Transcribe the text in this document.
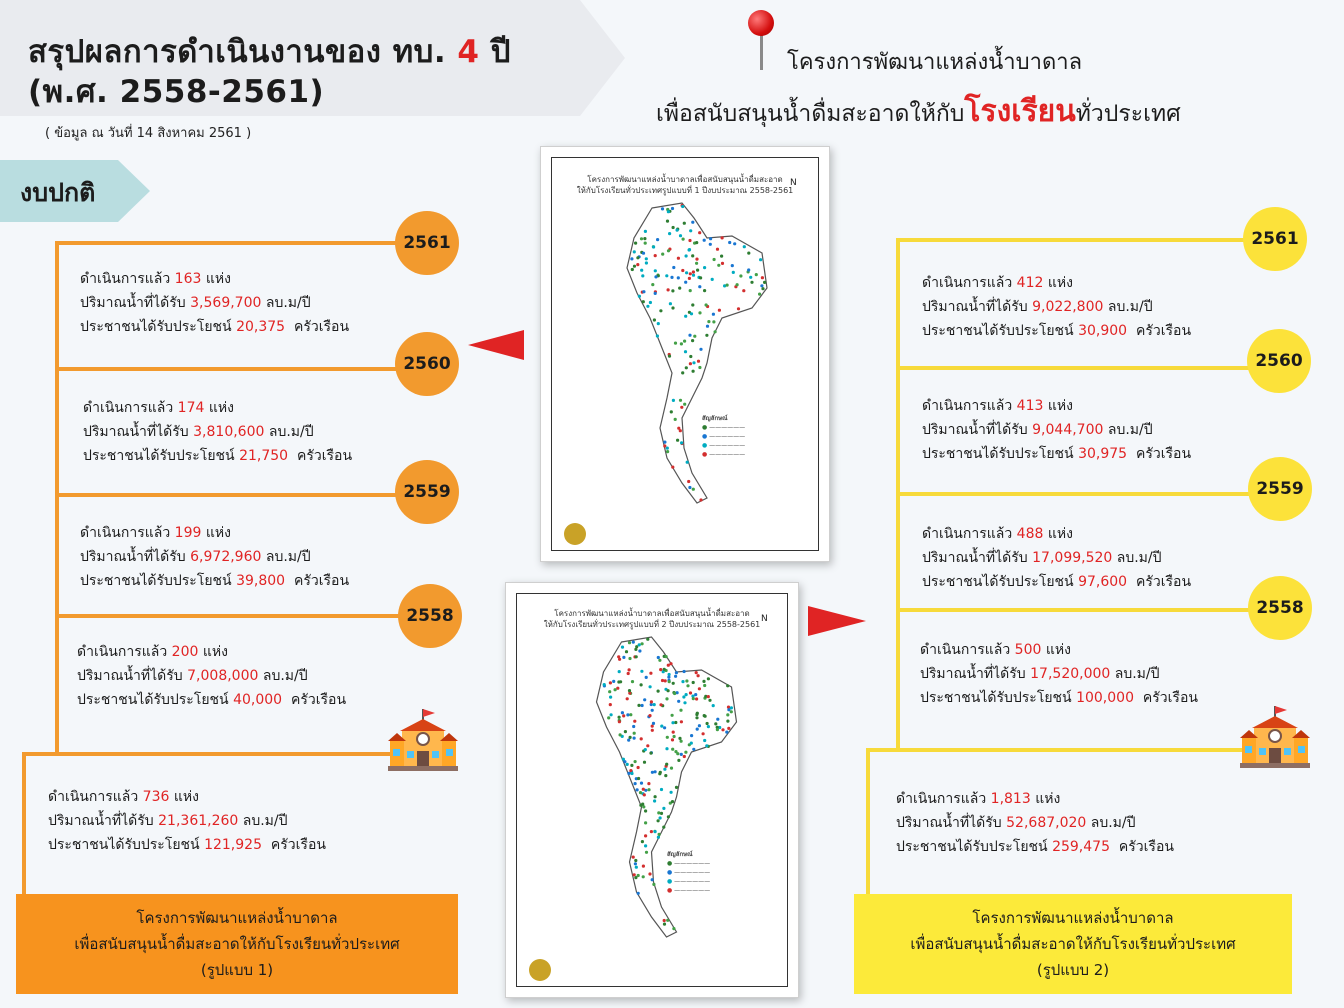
สรุปผลการดำเนินงานของ ทบ. 4 ปี
(พ.ศ. 2558-2561)
( ข้อมูล ณ วันที่ 14 สิงหาคม 2561 )
งบปกติ
โครงการพัฒนาแหล่งน้ำบาดาล
เพื่อสนับสนุนน้ำดื่มสะอาดให้กับโรงเรียนทั่วประเทศ
2561
2560
2559
2558
ดำเนินการแล้ว 163 แห่ง
ปริมาณน้ำที่ได้รับ 3,569,700 ลบ.ม/ปี
ประชาชนได้รับประโยชน์ 20,375 ครัวเรือน
ดำเนินการแล้ว 174 แห่ง
ปริมาณน้ำที่ได้รับ 3,810,600 ลบ.ม/ปี
ประชาชนได้รับประโยชน์ 21,750 ครัวเรือน
ดำเนินการแล้ว 199 แห่ง
ปริมาณน้ำที่ได้รับ 6,972,960 ลบ.ม/ปี
ประชาชนได้รับประโยชน์ 39,800 ครัวเรือน
ดำเนินการแล้ว 200 แห่ง
ปริมาณน้ำที่ได้รับ 7,008,000 ลบ.ม/ปี
ประชาชนได้รับประโยชน์ 40,000 ครัวเรือน
ดำเนินการแล้ว 736 แห่ง
ปริมาณน้ำที่ได้รับ 21,361,260 ลบ.ม/ปี
ประชาชนได้รับประโยชน์ 121,925 ครัวเรือน
โครงการพัฒนาแหล่งน้ำบาดาล
เพื่อสนับสนุนน้ำดื่มสะอาดให้กับโรงเรียนทั่วประเทศ
(รูปแบบ 1)
2561
2560
2559
2558
ดำเนินการแล้ว 412 แห่ง
ปริมาณน้ำที่ได้รับ 9,022,800 ลบ.ม/ปี
ประชาชนได้รับประโยชน์ 30,900 ครัวเรือน
ดำเนินการแล้ว 413 แห่ง
ปริมาณน้ำที่ได้รับ 9,044,700 ลบ.ม/ปี
ประชาชนได้รับประโยชน์ 30,975 ครัวเรือน
ดำเนินการแล้ว 488 แห่ง
ปริมาณน้ำที่ได้รับ 17,099,520 ลบ.ม/ปี
ประชาชนได้รับประโยชน์ 97,600 ครัวเรือน
ดำเนินการแล้ว 500 แห่ง
ปริมาณน้ำที่ได้รับ 17,520,000 ลบ.ม/ปี
ประชาชนได้รับประโยชน์ 100,000 ครัวเรือน
ดำเนินการแล้ว 1,813 แห่ง
ปริมาณน้ำที่ได้รับ 52,687,020 ลบ.ม/ปี
ประชาชนได้รับประโยชน์ 259,475 ครัวเรือน
โครงการพัฒนาแหล่งน้ำบาดาล
เพื่อสนับสนุนน้ำดื่มสะอาดให้กับโรงเรียนทั่วประเทศ
(รูปแบบ 2)
โครงการพัฒนาแหล่งน้ำบาดาลเพื่อสนับสนุนน้ำดื่มสะอาด
ให้กับโรงเรียนทั่วประเทศรูปแบบที่ 1 ปีงบประมาณ 2558-2561
N
สัญลักษณ์
● ——————
● ——————
● ——————
● ——————
โครงการพัฒนาแหล่งน้ำบาดาลเพื่อสนับสนุนน้ำดื่มสะอาด
ให้กับโรงเรียนทั่วประเทศรูปแบบที่ 2 ปีงบประมาณ 2558-2561
N
สัญลักษณ์
● ——————
● ——————
● ——————
● ——————
